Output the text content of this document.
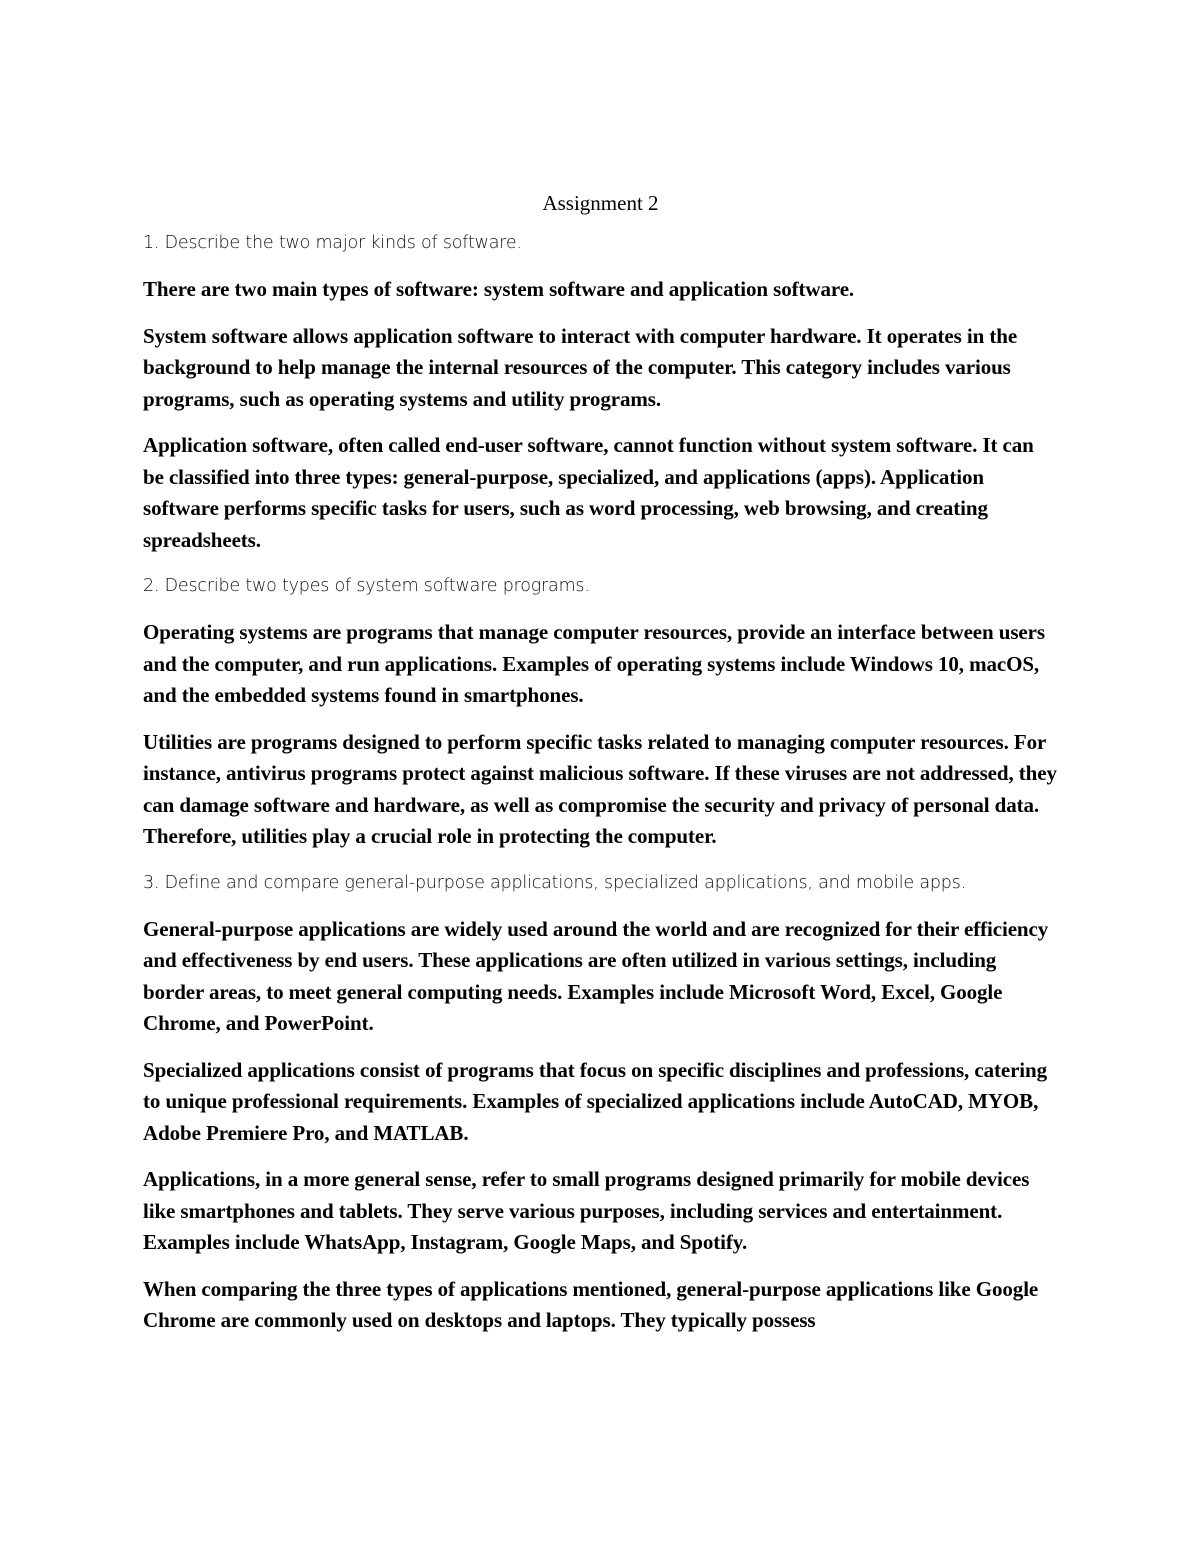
Assignment 2

1. Describe the two major kinds of software.

There are two main types of software: system software and application software.

System software allows application software to interact with computer hardware. It operates in the background to help manage the internal resources of the computer. This category includes various programs, such as operating systems and utility programs.

Application software, often called end-user software, cannot function without system software. It can be classified into three types: general-purpose, specialized, and applications (apps). Application software performs specific tasks for users, such as word processing, web browsing, and creating spreadsheets.

2. Describe two types of system software programs.

Operating systems are programs that manage computer resources, provide an interface between users and the computer, and run applications. Examples of operating systems include Windows 10, macOS, and the embedded systems found in smartphones.

Utilities are programs designed to perform specific tasks related to managing computer resources. For instance, antivirus programs protect against malicious software. If these viruses are not addressed, they can damage software and hardware, as well as compromise the security and privacy of personal data. Therefore, utilities play a crucial role in protecting the computer.

3. Define and compare general-purpose applications, specialized applications, and mobile apps.

General-purpose applications are widely used around the world and are recognized for their efficiency and effectiveness by end users. These applications are often utilized in various settings, including border areas, to meet general computing needs. Examples include Microsoft Word, Excel, Google Chrome, and PowerPoint.

Specialized applications consist of programs that focus on specific disciplines and professions, catering to unique professional requirements. Examples of specialized applications include AutoCAD, MYOB, Adobe Premiere Pro, and MATLAB.

Applications, in a more general sense, refer to small programs designed primarily for mobile devices like smartphones and tablets. They serve various purposes, including services and entertainment. Examples include WhatsApp, Instagram, Google Maps, and Spotify.

When comparing the three types of applications mentioned, general-purpose applications like Google Chrome are commonly used on desktops and laptops. They typically possess
